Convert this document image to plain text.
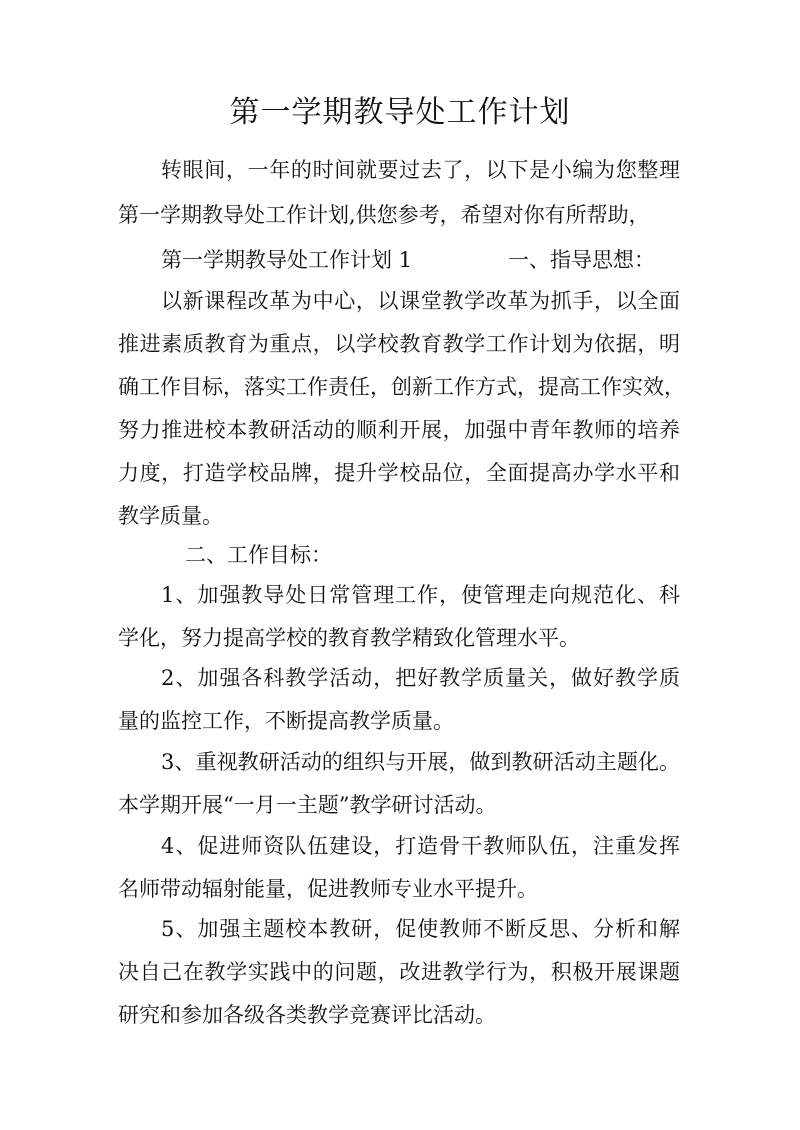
第一学期教导处工作计划

转眼间，一年的时间就要过去了，以下是小编为您整理

第一学期教导处工作计划,供您参考，希望对你有所帮助，

第一学期教导处工作计划 1	一、指导思想：

以新课程改革为中心，以课堂教学改革为抓手，以全面

推进素质教育为重点，以学校教育教学工作计划为依据，明

确工作目标，落实工作责任，创新工作方式，提高工作实效，

努力推进校本教研活动的顺利开展，加强中青年教师的培养

力度，打造学校品牌，提升学校品位，全面提高办学水平和

教学质量。

二、工作目标：

1、加强教导处日常管理工作，使管理走向规范化、科

学化，努力提高学校的教育教学精致化管理水平。

2、加强各科教学活动，把好教学质量关，做好教学质

量的监控工作，不断提高教学质量。

3、重视教研活动的组织与开展，做到教研活动主题化。

本学期开展“一月一主题”教学研讨活动。

4、促进师资队伍建设，打造骨干教师队伍，注重发挥

名师带动辐射能量，促进教师专业水平提升。

5、加强主题校本教研，促使教师不断反思、分析和解

决自己在教学实践中的问题，改进教学行为，积极开展课题

研究和参加各级各类教学竞赛评比活动。
